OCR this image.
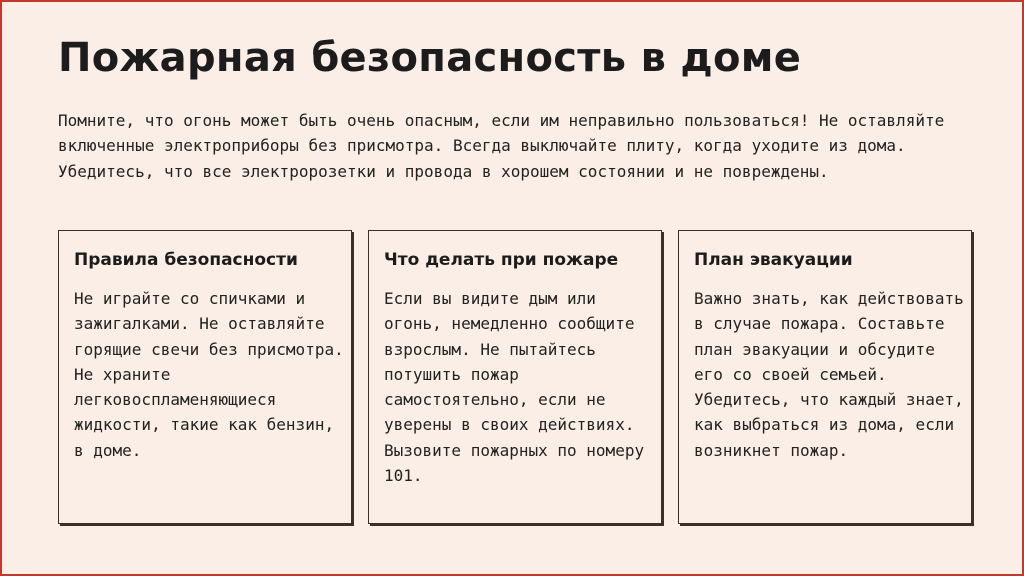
Пожарная безопасность в доме

Помните, что огонь может быть очень опасным, если им неправильно пользоваться! Не оставляйте включенные электроприборы без присмотра. Всегда выключайте плиту, когда уходите из дома. Убедитесь, что все электророзетки и провода в хорошем состоянии и не повреждены.

Правила безопасности

Не играйте со спичками и зажигалками. Не оставляйте горящие свечи без присмотра. Не храните легковоспламеняющиеся жидкости, такие как бензин, в доме.

Что делать при пожаре

Если вы видите дым или огонь, немедленно сообщите взрослым. Не пытайтесь потушить пожар самостоятельно, если не уверены в своих действиях. Вызовите пожарных по номеру 101.

План эвакуации

Важно знать, как действовать в случае пожара. Составьте план эвакуации и обсудите его со своей семьей. Убедитесь, что каждый знает, как выбраться из дома, если возникнет пожар.
